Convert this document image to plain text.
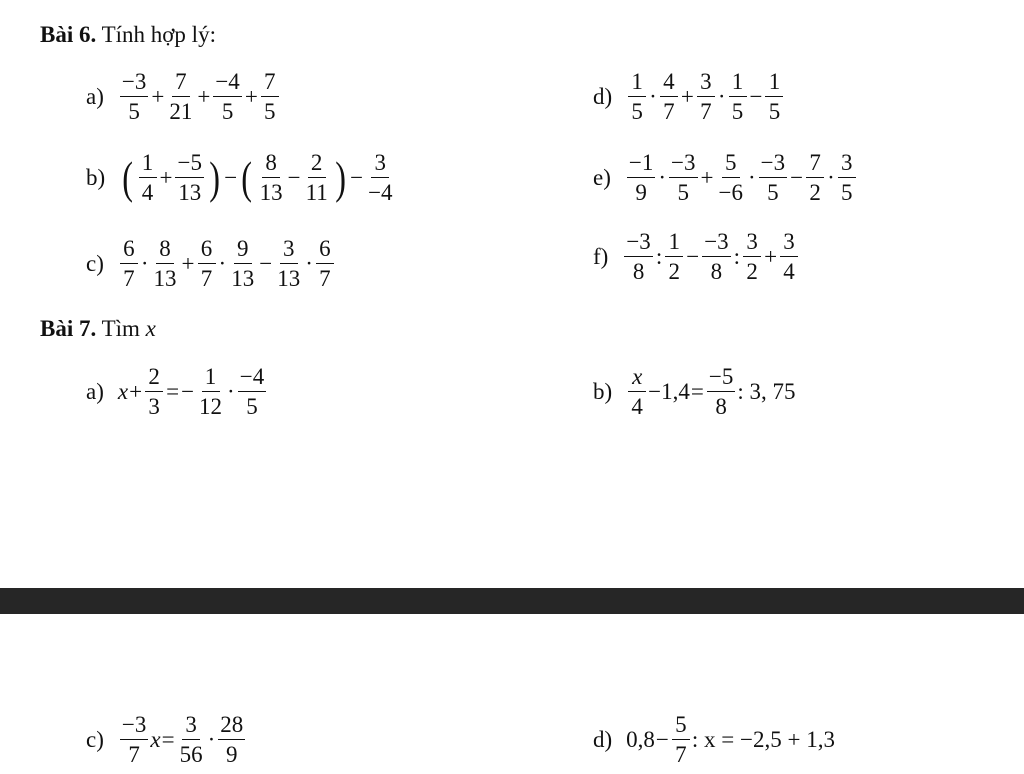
Bài 6. Tính hợp lý:
$a) \frac{-3}{5} + \frac{7}{21} + \frac{-4}{5} + \frac{7}{5}$	$d) \frac{1}{5} \cdot \frac{4}{7} + \frac{3}{7} \cdot \frac{1}{5} - \frac{1}{5}$
b) ( $\frac{1}{4} + \frac{-5}{13}$ ) − ( $\frac{8}{13} - \frac{2}{11}$ ) − $\frac{3}{-4}$	$e) \frac{-1}{9} \cdot \frac{-3}{5} + \frac{5}{-6} \cdot \frac{-3}{5} - \frac{7}{2} \cdot \frac{3}{5}$
$c) \frac{6}{7} \cdot \frac{8}{13} + \frac{6}{7} \cdot \frac{9}{13} - \frac{3}{13} \cdot \frac{6}{7}$	$f) \frac{-3}{8}$ : $\frac{1}{2} - \frac{-3}{8}$ : $\frac{3}{2} + \frac{3}{4}$
Bài 7. Tìm x
a) $x + \frac{2}{3}$ = − $\frac{1}{12} \cdot \frac{-4}{5}$	$b) \frac{x}{4} -1,4 = \frac{-5}{8}$ : 3, 75
$c) \frac{-3}{7}$ $x = \frac{3}{56} \cdot \frac{28}{9}$	d) $0,8 - \frac{5}{7}$ : x = −2,5 + 1,3
